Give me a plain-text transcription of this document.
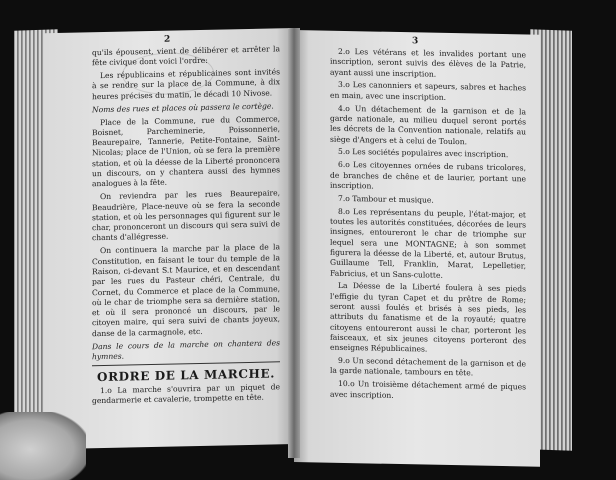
2

qu'ils épousent, vient de délibérer et arrêter la fête civique dont voici l'ordre:

Les républicains et républicaines sont invités à se rendre sur la place de la Commune, à dix heures précises du matin, le décadi 10 Nivose.

Noms des rues et places où passera le cortège.

Place de la Commune, rue du Commerce, Boisnet, Parcheminerie, Poissonnerie, Beaurepaire, Tannerie, Petite-Fontaine, Saint-Nicolas; place de l'Union, où se fera la première station, et où la déesse de la Liberté prononcera un discours, on y chantera aussi des hymnes analogues à la fête.

On reviendra par les rues Beaurepaire, Beaudrière, Place-neuve où se fera la seconde station, et où les personnages qui figurent sur le char, prononceront un discours qui sera suivi de chants d'allégresse.

On continuera la marche par la place de la Constitution, en faisant le tour du temple de la Raison, ci-devant S.t Maurice, et en descendant par les rues du Pasteur chéri, Centrale, du Cornet, du Commerce et place de la Commune, où le char de triomphe sera sa dernière station, et où il sera prononcé un discours, par le citoyen maire, qui sera suivi de chants joyeux, danse de la carmagnole, etc.

Dans le cours de la marche on chantera des hymnes.

ORDRE DE LA MARCHE.

1.o La marche s'ouvrira par un piquet de gendarmerie et cavalerie, trompette en tête.

3

2.o Les vétérans et les invalides portant une inscription, seront suivis des élèves de la Patrie, ayant aussi une inscription.

3.o Les canonniers et sapeurs, sabres et haches en main, avec une inscription.

4.o Un détachement de la garnison et de la garde nationale, au milieu duquel seront portés les décrets de la Convention nationale, relatifs au siège d'Angers et à celui de Toulon.

5.o Les sociétés populaires avec inscription.

6.o Les citoyennes ornées de rubans tricolores, de branches de chêne et de laurier, portant une inscription.

7.o Tambour et musique.

8.o Les représentans du peuple, l'état-major, et toutes les autorités constituées, décorées de leurs insignes, entoureront le char de triomphe sur lequel sera une MONTAGNE; à son sommet figurera la déesse de la Liberté, et, autour Brutus, Guillaume Tell, Franklin, Marat, Lepelletier, Fabricius, et un Sans-culotte.

La Déesse de la Liberté foulera à ses pieds l'effigie du tyran Capet et du prêtre de Rome; seront aussi foulés et brisés à ses pieds, les attributs du fanatisme et de la royauté; quatre citoyens entoureront aussi le char, porteront les faisceaux, et six jeunes citoyens porteront des enseignes Républicaines.

9.o Un second détachement de la garnison et de la garde nationale, tambours en tête.

10.o Un troisième détachement armé de piques avec inscription.
